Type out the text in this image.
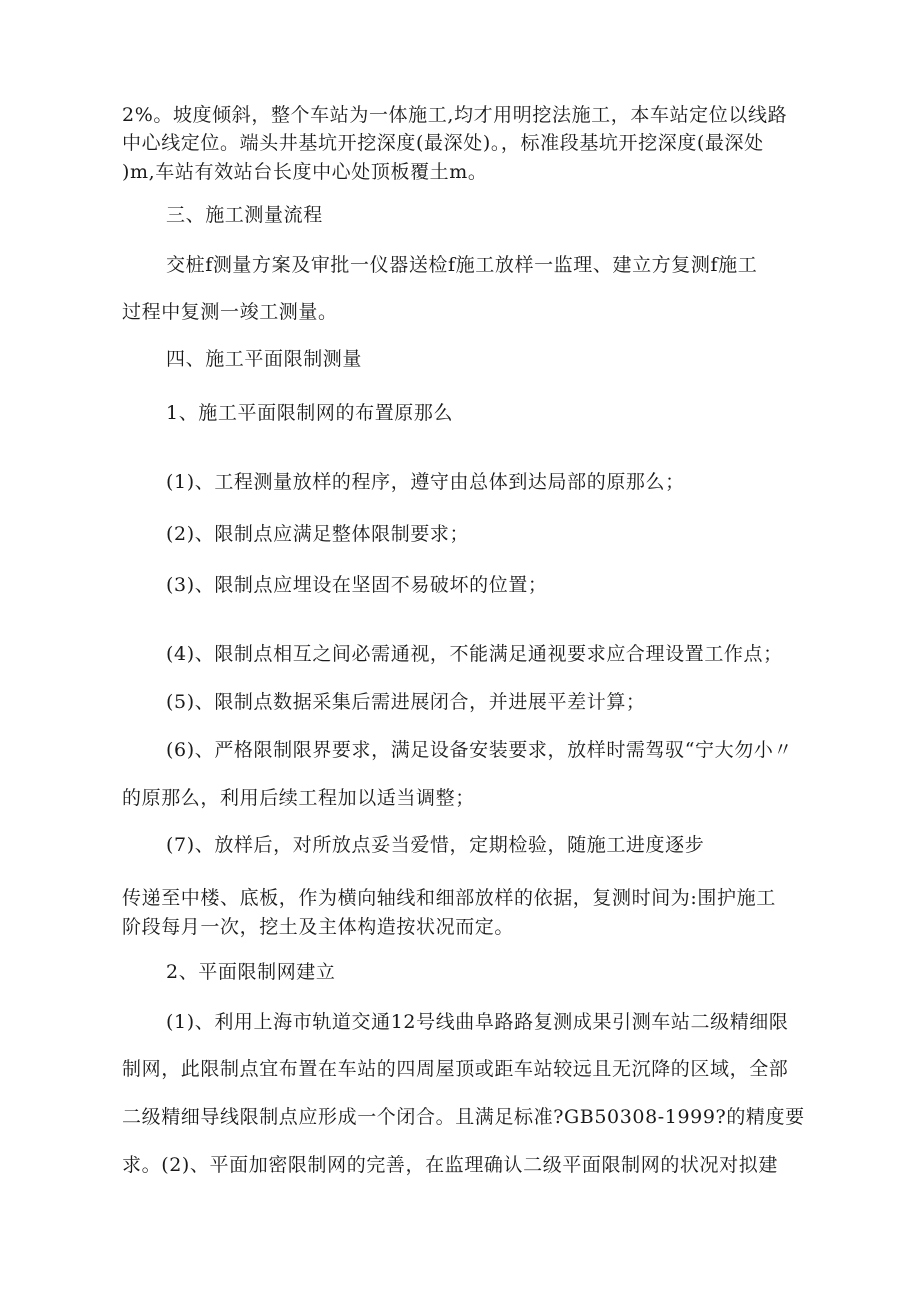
2%。坡度倾斜，整个车站为一体施工,均才用明挖法施工，本车站定位以线路
中心线定位。端头井基坑开挖深度(最深处)。，标准段基坑开挖深度(最深处
)m,车站有效站台长度中心处顶板覆土m。
三、施工测量流程
交桩f测量方案及审批一仪器送检f施工放样一监理、建立方复测f施工
过程中复测一竣工测量。
四、施工平面限制测量
1、施工平面限制网的布置原那么
(1)、工程测量放样的程序，遵守由总体到达局部的原那么；
(2)、限制点应满足整体限制要求；
(3)、限制点应埋设在坚固不易破坏的位置；
(4)、限制点相互之间必需通视，不能满足通视要求应合理设置工作点；
(5)、限制点数据采集后需进展闭合，并进展平差计算；
(6)、严格限制限界要求，满足设备安装要求，放样时需驾驭“宁大勿小〃
的原那么，利用后续工程加以适当调整；
(7)、放样后，对所放点妥当爱惜，定期检验，随施工进度逐步
传递至中楼、底板，作为横向轴线和细部放样的依据，复测时间为:围护施工
阶段每月一次，挖土及主体构造按状况而定。
2、平面限制网建立
(1)、利用上海市轨道交通12号线曲阜路路复测成果引测车站二级精细限
制网，此限制点宜布置在车站的四周屋顶或距车站较远且无沉降的区域，全部
二级精细导线限制点应形成一个闭合。且满足标准?GB50308-1999?的精度要
求。(2)、平面加密限制网的完善，在监理确认二级平面限制网的状况对拟建
